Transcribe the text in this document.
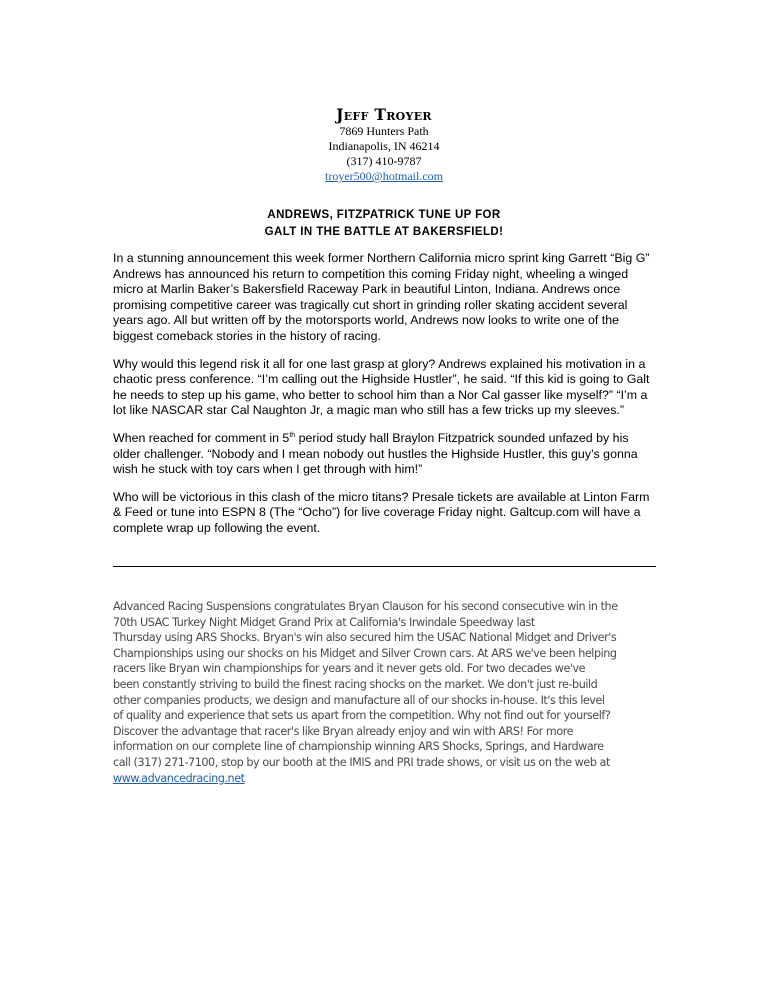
Jeff Troyer
7869 Hunters Path
Indianapolis, IN 46214
(317) 410-9787
troyer500@hotmail.com
ANDREWS, FITZPATRICK TUNE UP FOR
GALT IN THE BATTLE AT BAKERSFIELD!

In a stunning announcement this week former Northern California micro sprint king Garrett “Big G” Andrews has announced his return to competition this coming Friday night, wheeling a winged micro at Marlin Baker’s Bakersfield Raceway Park in beautiful Linton, Indiana. Andrews once promising competitive career was tragically cut short in grinding roller skating accident several years ago. All but written off by the motorsports world, Andrews now looks to write one of the biggest comeback stories in the history of racing.

Why would this legend risk it all for one last grasp at glory? Andrews explained his motivation in a chaotic press conference. “I’m calling out the Highside Hustler”, he said. “If this kid is going to Galt he needs to step up his game, who better to school him than a Nor Cal gasser like myself?” “I’m a lot like NASCAR star Cal Naughton Jr, a magic man who still has a few tricks up my sleeves.”

When reached for comment in 5th period study hall Braylon Fitzpatrick sounded unfazed by his older challenger. “Nobody and I mean nobody out hustles the Highside Hustler, this guy’s gonna wish he stuck with toy cars when I get through with him!”

Who will be victorious in this clash of the micro titans? Presale tickets are available at Linton Farm & Feed or tune into ESPN 8 (The “Ocho”) for live coverage Friday night. Galtcup.com will have a complete wrap up following the event.

Advanced Racing Suspensions congratulates Bryan Clauson for his second consecutive win in the
70th USAC Turkey Night Midget Grand Prix at California's Irwindale Speedway last
Thursday using ARS Shocks. Bryan's win also secured him the USAC National Midget and Driver's
Championships using our shocks on his Midget and Silver Crown cars. At ARS we've been helping
racers like Bryan win championships for years and it never gets old. For two decades we've
been constantly striving to build the finest racing shocks on the market. We don't just re-build
other companies products, we design and manufacture all of our shocks in-house. It's this level
of quality and experience that sets us apart from the competition. Why not find out for yourself?
Discover the advantage that racer's like Bryan already enjoy and win with ARS! For more
information on our complete line of championship winning ARS Shocks, Springs, and Hardware
call (317) 271-7100, stop by our booth at the IMIS and PRI trade shows, or visit us on the web at
www.advancedracing.net
